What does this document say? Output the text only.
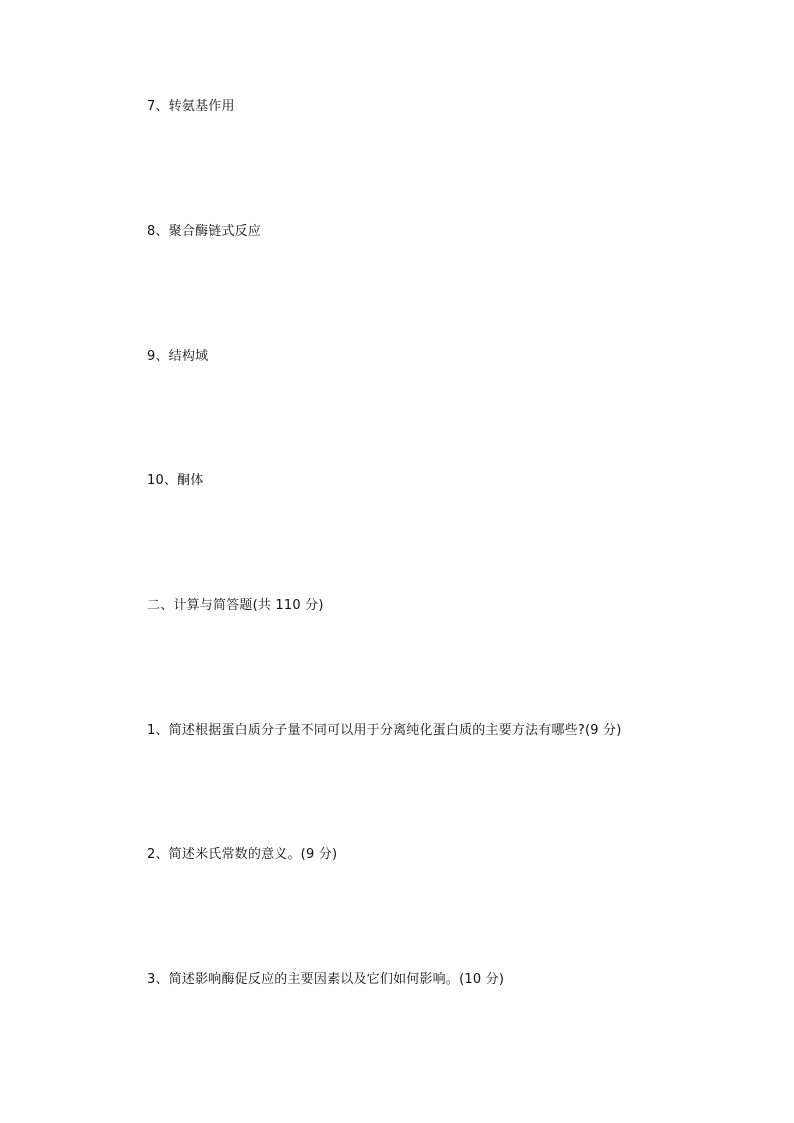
7、转氨基作用
8、聚合酶链式反应
9、结构域
10、酮体
二、计算与简答题(共 110 分)
1、简述根据蛋白质分子量不同可以用于分离纯化蛋白质的主要方法有哪些?(9 分)
2、简述米氏常数的意义。(9 分)
3、简述影响酶促反应的主要因素以及它们如何影响。(10 分)
